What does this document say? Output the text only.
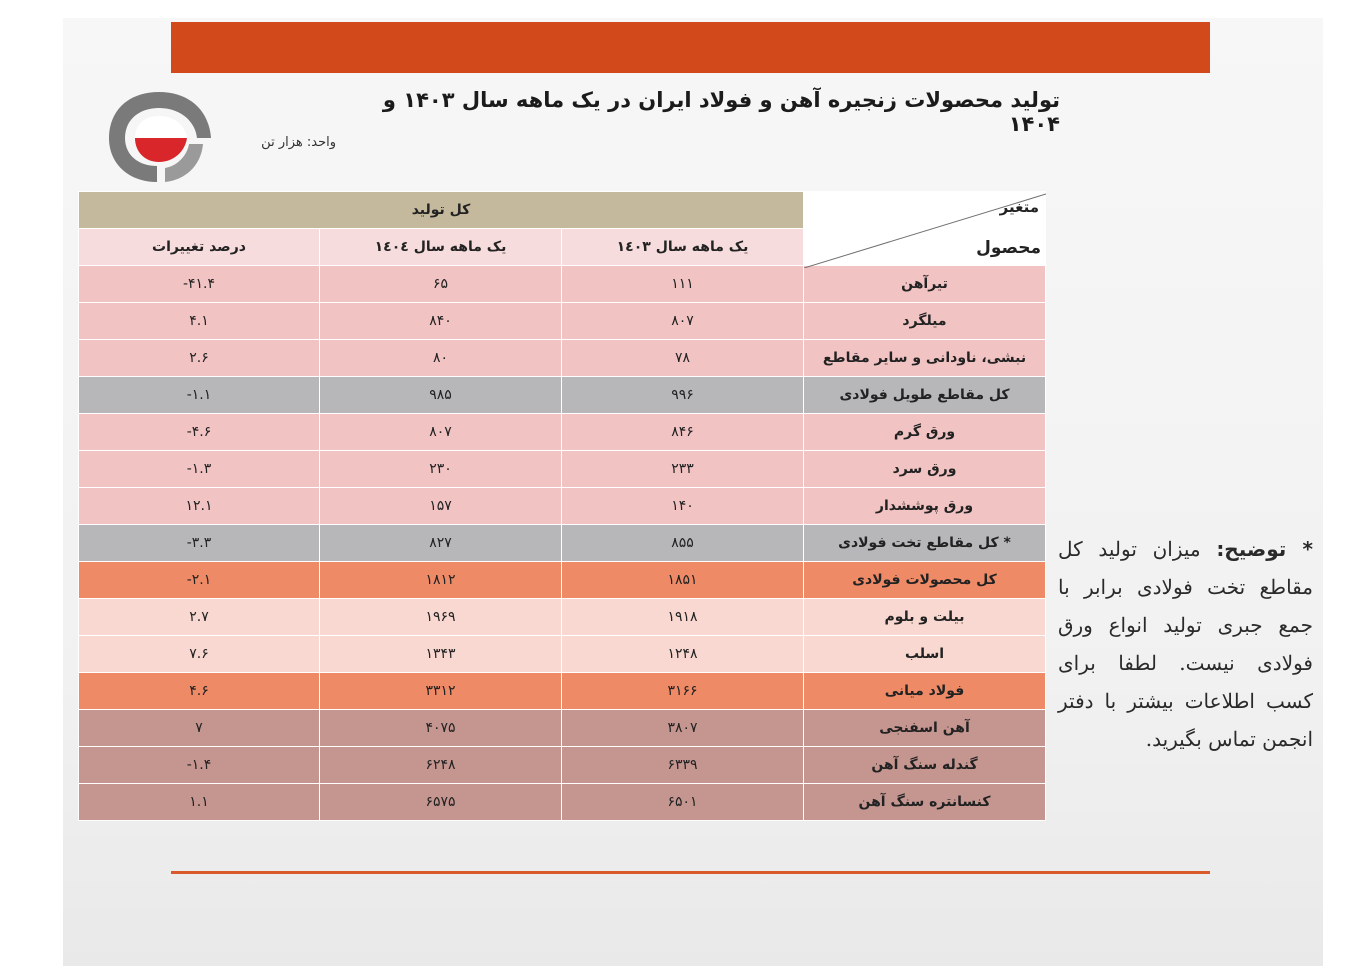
تولید محصولات زنجیره آهن و فولاد ایران در یک ماهه سال ۱۴۰۳ و ۱۴۰۴
واحد: هزار تن
کل تولید			متغیر
محصول

درصد تغییرات	یک ماهه سال ۱٤۰٤	یک ماهه سال ۱٤۰۳	
-۴۱.۴	۶۵	۱۱۱	تیرآهن
۴.۱	۸۴۰	۸۰۷	میلگرد
۲.۶	۸۰	۷۸	نبشی، ناودانی و سایر مقاطع
-۱.۱	۹۸۵	۹۹۶	کل مقاطع طویل فولادی
-۴.۶	۸۰۷	۸۴۶	ورق گرم
-۱.۳	۲۳۰	۲۳۳	ورق سرد
۱۲.۱	۱۵۷	۱۴۰	ورق پوششدار
-۳.۳	۸۲۷	۸۵۵	* کل مقاطع تخت فولادی
-۲.۱	۱۸۱۲	۱۸۵۱	کل محصولات فولادی
۲.۷	۱۹۶۹	۱۹۱۸	بیلت و بلوم
۷.۶	۱۳۴۳	۱۲۴۸	اسلب
۴.۶	۳۳۱۲	۳۱۶۶	فولاد میانی
۷	۴۰۷۵	۳۸۰۷	آهن اسفنجی
-۱.۴	۶۲۴۸	۶۳۳۹	گندله سنگ آهن
۱.۱	۶۵۷۵	۶۵۰۱	کنسانتره سنگ آهن
* توضیح: میزان تولید کل مقاطع تخت فولادی برابر با جمع جبری تولید انواع ورق فولادی نیست. لطفا برای کسب اطلاعات بیشتر با دفتر انجمن تماس بگیرید.
